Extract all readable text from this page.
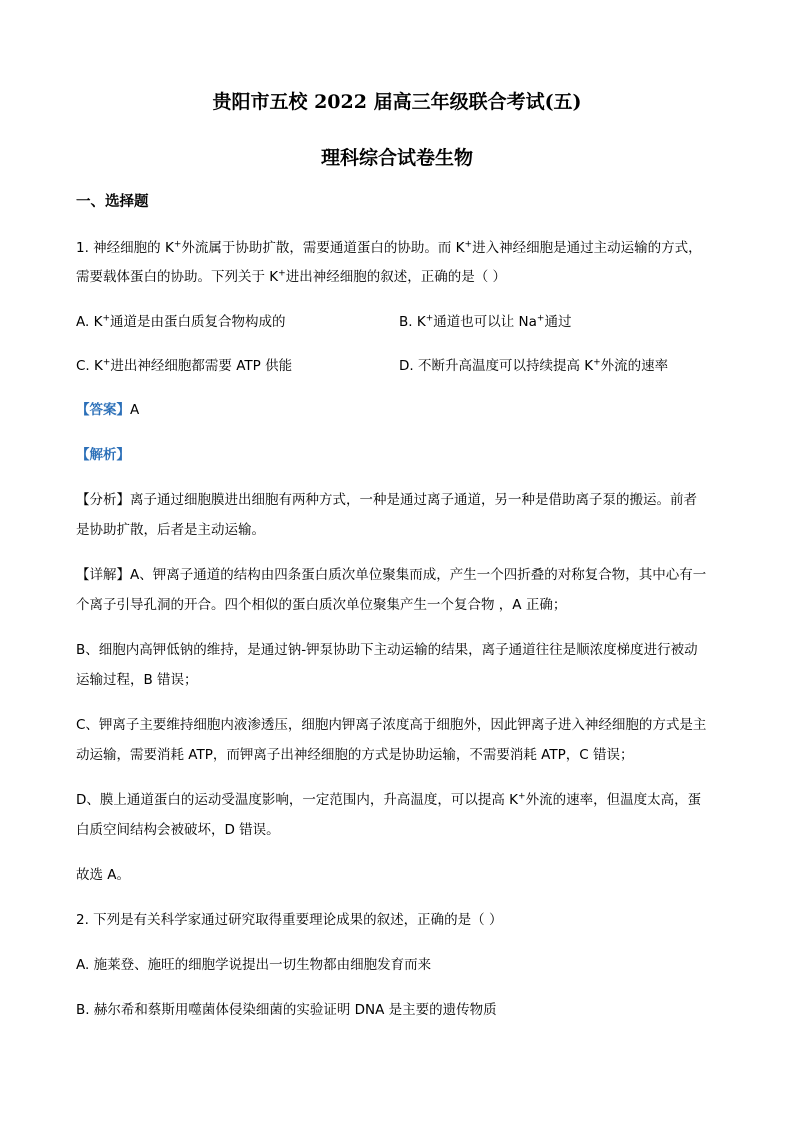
贵阳市五校 2022 届高三年级联合考试(五)
理科综合试卷生物
一、选择题
1. 神经细胞的 K+外流属于协助扩散，需要通道蛋白的协助。而 K+进入神经细胞是通过主动运输的方式，
需要载体蛋白的协助。下列关于 K+进出神经细胞的叙述，正确的是（ ）
A. K+通道是由蛋白质复合物构成的	B. K+通道也可以让 Na+通过
C. K+进出神经细胞都需要 ATP 供能	D. 不断升高温度可以持续提高 K+外流的速率
【答案】A
【解析】
【分析】离子通过细胞膜进出细胞有两种方式，一种是通过离子通道，另一种是借助离子泵的搬运。前者
是协助扩散，后者是主动运输。
【详解】A、钾离子通道的结构由四条蛋白质次单位聚集而成，产生一个四折叠的对称复合物，其中心有一
个离子引导孔洞的开合。四个相似的蛋白质次单位聚集产生一个复合物 ，A 正确；
B、细胞内高钾低钠的维持，是通过钠-钾泵协助下主动运输的结果，离子通道往往是顺浓度梯度进行被动
运输过程，B 错误；
C、钾离子主要维持细胞内液渗透压，细胞内钾离子浓度高于细胞外，因此钾离子进入神经细胞的方式是主
动运输，需要消耗 ATP，而钾离子出神经细胞的方式是协助运输，不需要消耗 ATP，C 错误；
D、膜上通道蛋白的运动受温度影响，一定范围内，升高温度，可以提高 K+外流的速率，但温度太高，蛋
白质空间结构会被破坏，D 错误。
故选 A。
2. 下列是有关科学家通过研究取得重要理论成果的叙述，正确的是（ ）
A. 施莱登、施旺的细胞学说提出一切生物都由细胞发育而来
B. 赫尔希和蔡斯用噬菌体侵染细菌的实验证明 DNA 是主要的遗传物质
